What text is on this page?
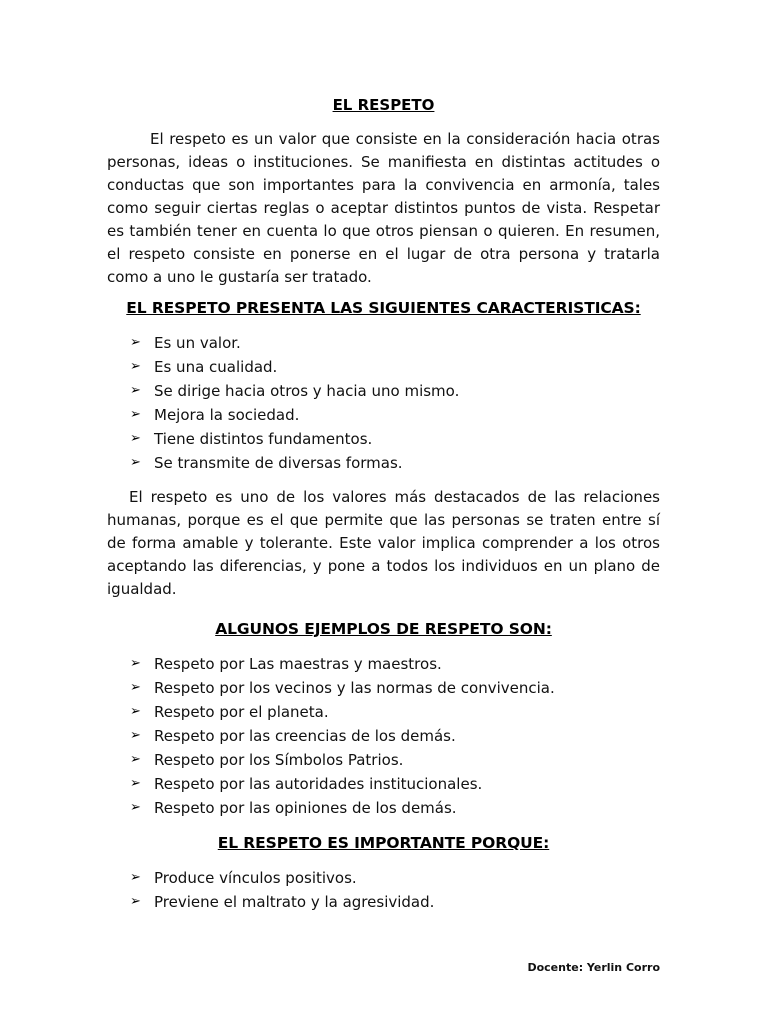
EL RESPETO

El respeto es un valor que consiste en la consideración hacia otras personas, ideas o instituciones. Se manifiesta en distintas actitudes o conductas que son importantes para la convivencia en armonía, tales como seguir ciertas reglas o aceptar distintos puntos de vista. Respetar es también tener en cuenta lo que otros piensan o quieren. En resumen, el respeto consiste en ponerse en el lugar de otra persona y tratarla como a uno le gustaría ser tratado.

EL RESPETO PRESENTA LAS SIGUIENTES CARACTERISTICAS:
➢ Es un valor.
➢ Es una cualidad.
➢ Se dirige hacia otros y hacia uno mismo.
➢ Mejora la sociedad.
➢ Tiene distintos fundamentos.
➢ Se transmite de diversas formas.

El respeto es uno de los valores más destacados de las relaciones humanas, porque es el que permite que las personas se traten entre sí de forma amable y tolerante. Este valor implica comprender a los otros aceptando las diferencias, y pone a todos los individuos en un plano de igualdad.

ALGUNOS EJEMPLOS DE RESPETO SON:
➢ Respeto por Las maestras y maestros.
➢ Respeto por los vecinos y las normas de convivencia.
➢ Respeto por el planeta.
➢ Respeto por las creencias de los demás.
➢ Respeto por los Símbolos Patrios.
➢ Respeto por las autoridades institucionales.
➢ Respeto por las opiniones de los demás.
EL RESPETO ES IMPORTANTE PORQUE:
➢ Produce vínculos positivos.
➢ Previene el maltrato y la agresividad.
Docente: Yerlin Corro
